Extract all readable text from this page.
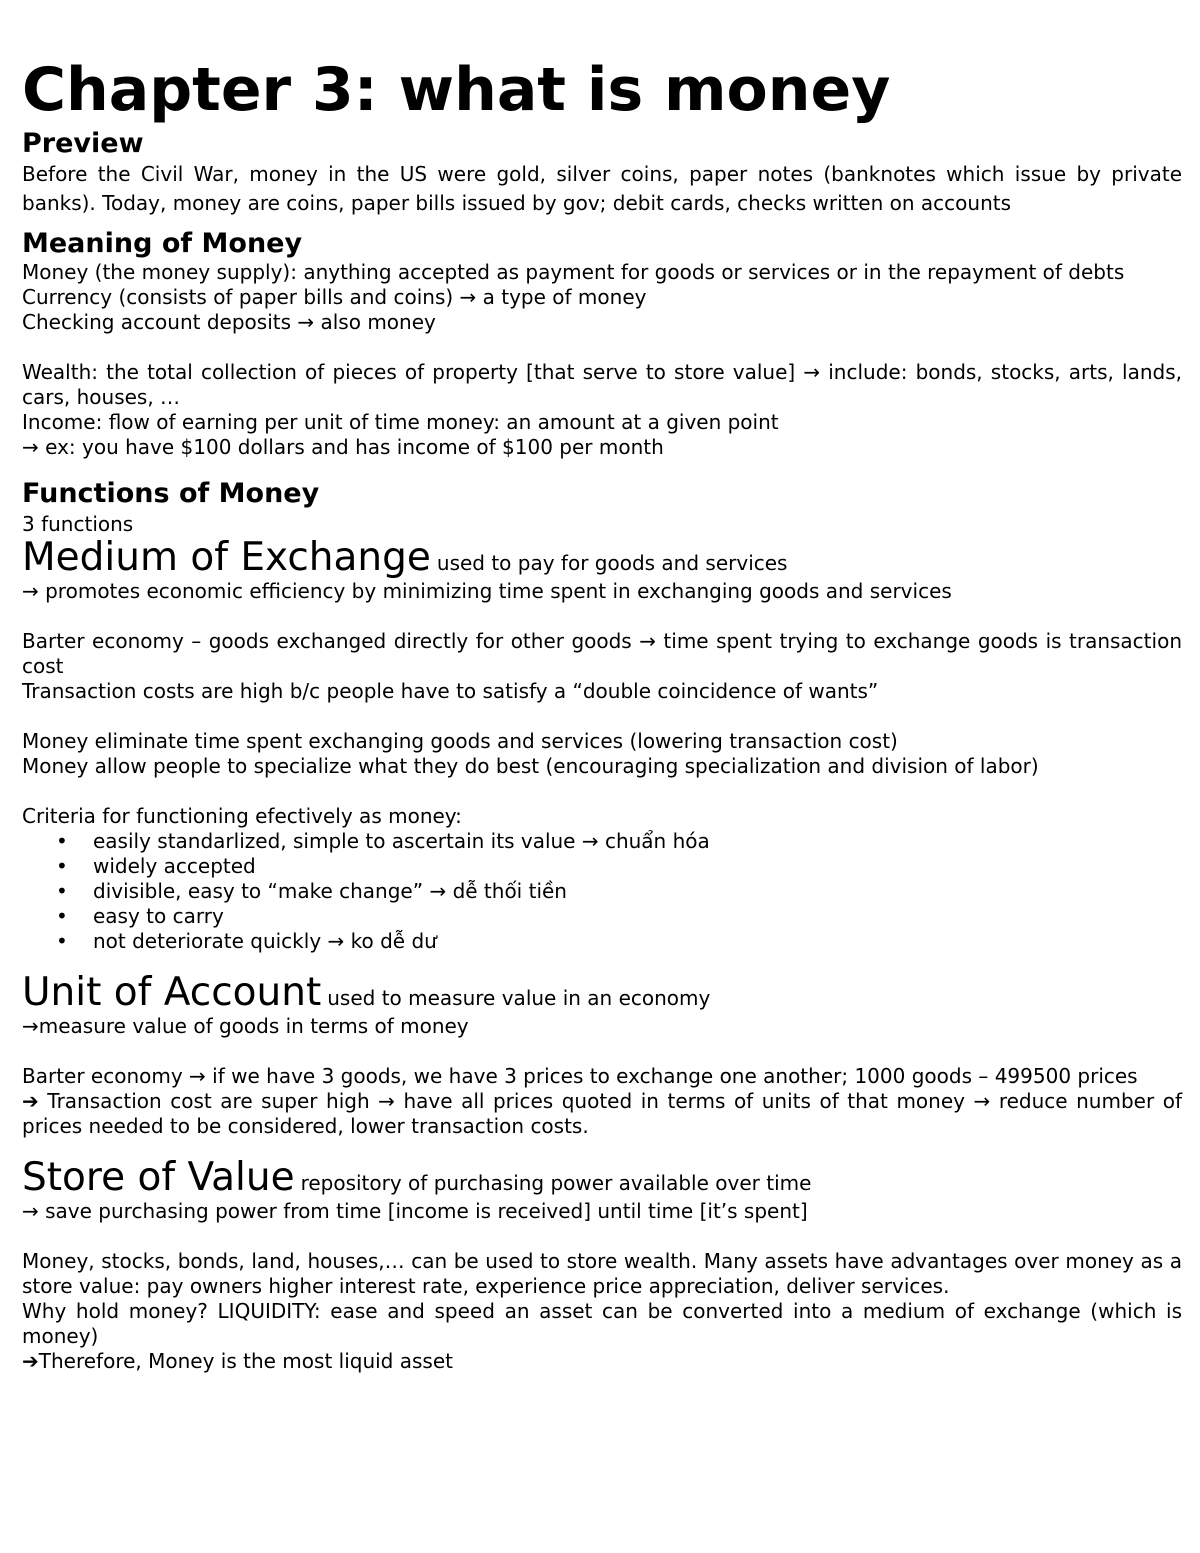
Chapter 3: what is money
Preview

Before the Civil War, money in the US were gold, silver coins, paper notes (banknotes which issue by private banks). Today, money are coins, paper bills issued by gov; debit cards, checks written on accounts

Meaning of Money

Money (the money supply): anything accepted as payment for goods or services or in the repayment of debts

Currency (consists of paper bills and coins) → a type of money

Checking account deposits → also money

Wealth: the total collection of pieces of property [that serve to store value] → include: bonds, stocks, arts, lands, cars, houses, …

Income: flow of earning per unit of time money: an amount at a given point

→ ex: you have $100 dollars and has income of $100 per month

Functions of Money

3 functions

Medium of Exchange used to pay for goods and services

→ promotes economic efficiency by minimizing time spent in exchanging goods and services

Barter economy – goods exchanged directly for other goods → time spent trying to exchange goods is transaction cost

Transaction costs are high b/c people have to satisfy a “double coincidence of wants”

Money eliminate time spent exchanging goods and services (lowering transaction cost)

Money allow people to specialize what they do best (encouraging specialization and division of labor)

Criteria for functioning efectively as money:

• easily standarlized, simple to ascertain its value → chuẩn hóa
• widely accepted
• divisible, easy to “make change” → dễ thối tiền
• easy to carry
• not deteriorate quickly → ko dễ dư

Unit of Account used to measure value in an economy

→measure value of goods in terms of money

Barter economy → if we have 3 goods, we have 3 prices to exchange one another; 1000 goods – 499500 prices

➔ Transaction cost are super high → have all prices quoted in terms of units of that money → reduce number of prices needed to be considered, lower transaction costs.

Store of Value repository of purchasing power available over time

→ save purchasing power from time [income is received] until time [it’s spent]

Money, stocks, bonds, land, houses,… can be used to store wealth. Many assets have advantages over money as a store value: pay owners higher interest rate, experience price appreciation, deliver services.

Why hold money? LIQUIDITY: ease and speed an asset can be converted into a medium of exchange (which is money)

➔Therefore, Money is the most liquid asset
